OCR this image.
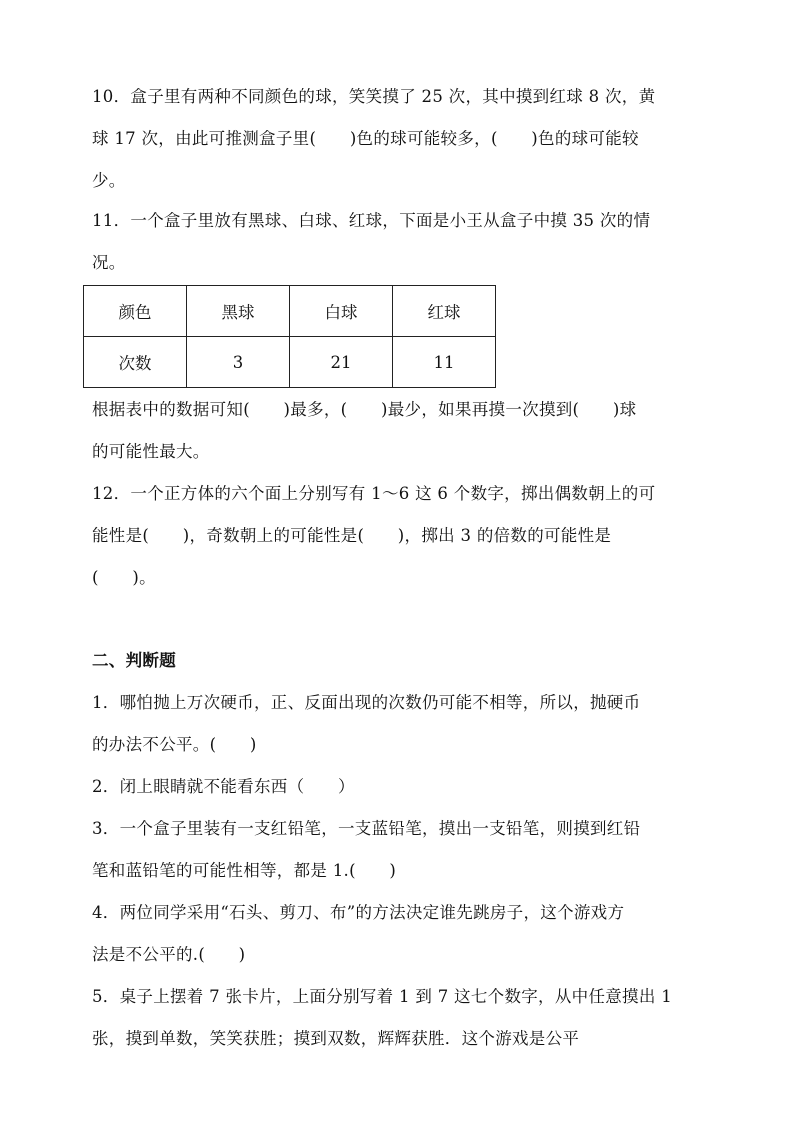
10．盒子里有两种不同颜色的球，笑笑摸了 25 次，其中摸到红球 8 次，黄
球 17 次，由此可推测盒子里(　　)色的球可能较多，(　　)色的球可能较
少。
11．一个盒子里放有黑球、白球、红球，下面是小王从盒子中摸 35 次的情
况。
颜色	黑球	白球	红球
次数	3	21	11
根据表中的数据可知(　　)最多，(　　)最少，如果再摸一次摸到(　　)球
的可能性最大。
12．一个正方体的六个面上分别写有 1～6 这 6 个数字，掷出偶数朝上的可
能性是(　　)，奇数朝上的可能性是(　　)，掷出 3 的倍数的可能性是
(　　)。
二、判断题
1．哪怕抛上万次硬币，正、反面出现的次数仍可能不相等，所以，抛硬币
的办法不公平。(　　)
2．闭上眼睛就不能看东西（　　）
3．一个盒子里装有一支红铅笔，一支蓝铅笔，摸出一支铅笔，则摸到红铅
笔和蓝铅笔的可能性相等，都是 1.(　　)
4．两位同学采用“石头、剪刀、布”的方法决定谁先跳房子，这个游戏方
法是不公平的.(　　)
5．桌子上摆着 7 张卡片，上面分别写着 1 到 7 这七个数字，从中任意摸出 1
张，摸到单数，笑笑获胜；摸到双数，辉辉获胜．这个游戏是公平
